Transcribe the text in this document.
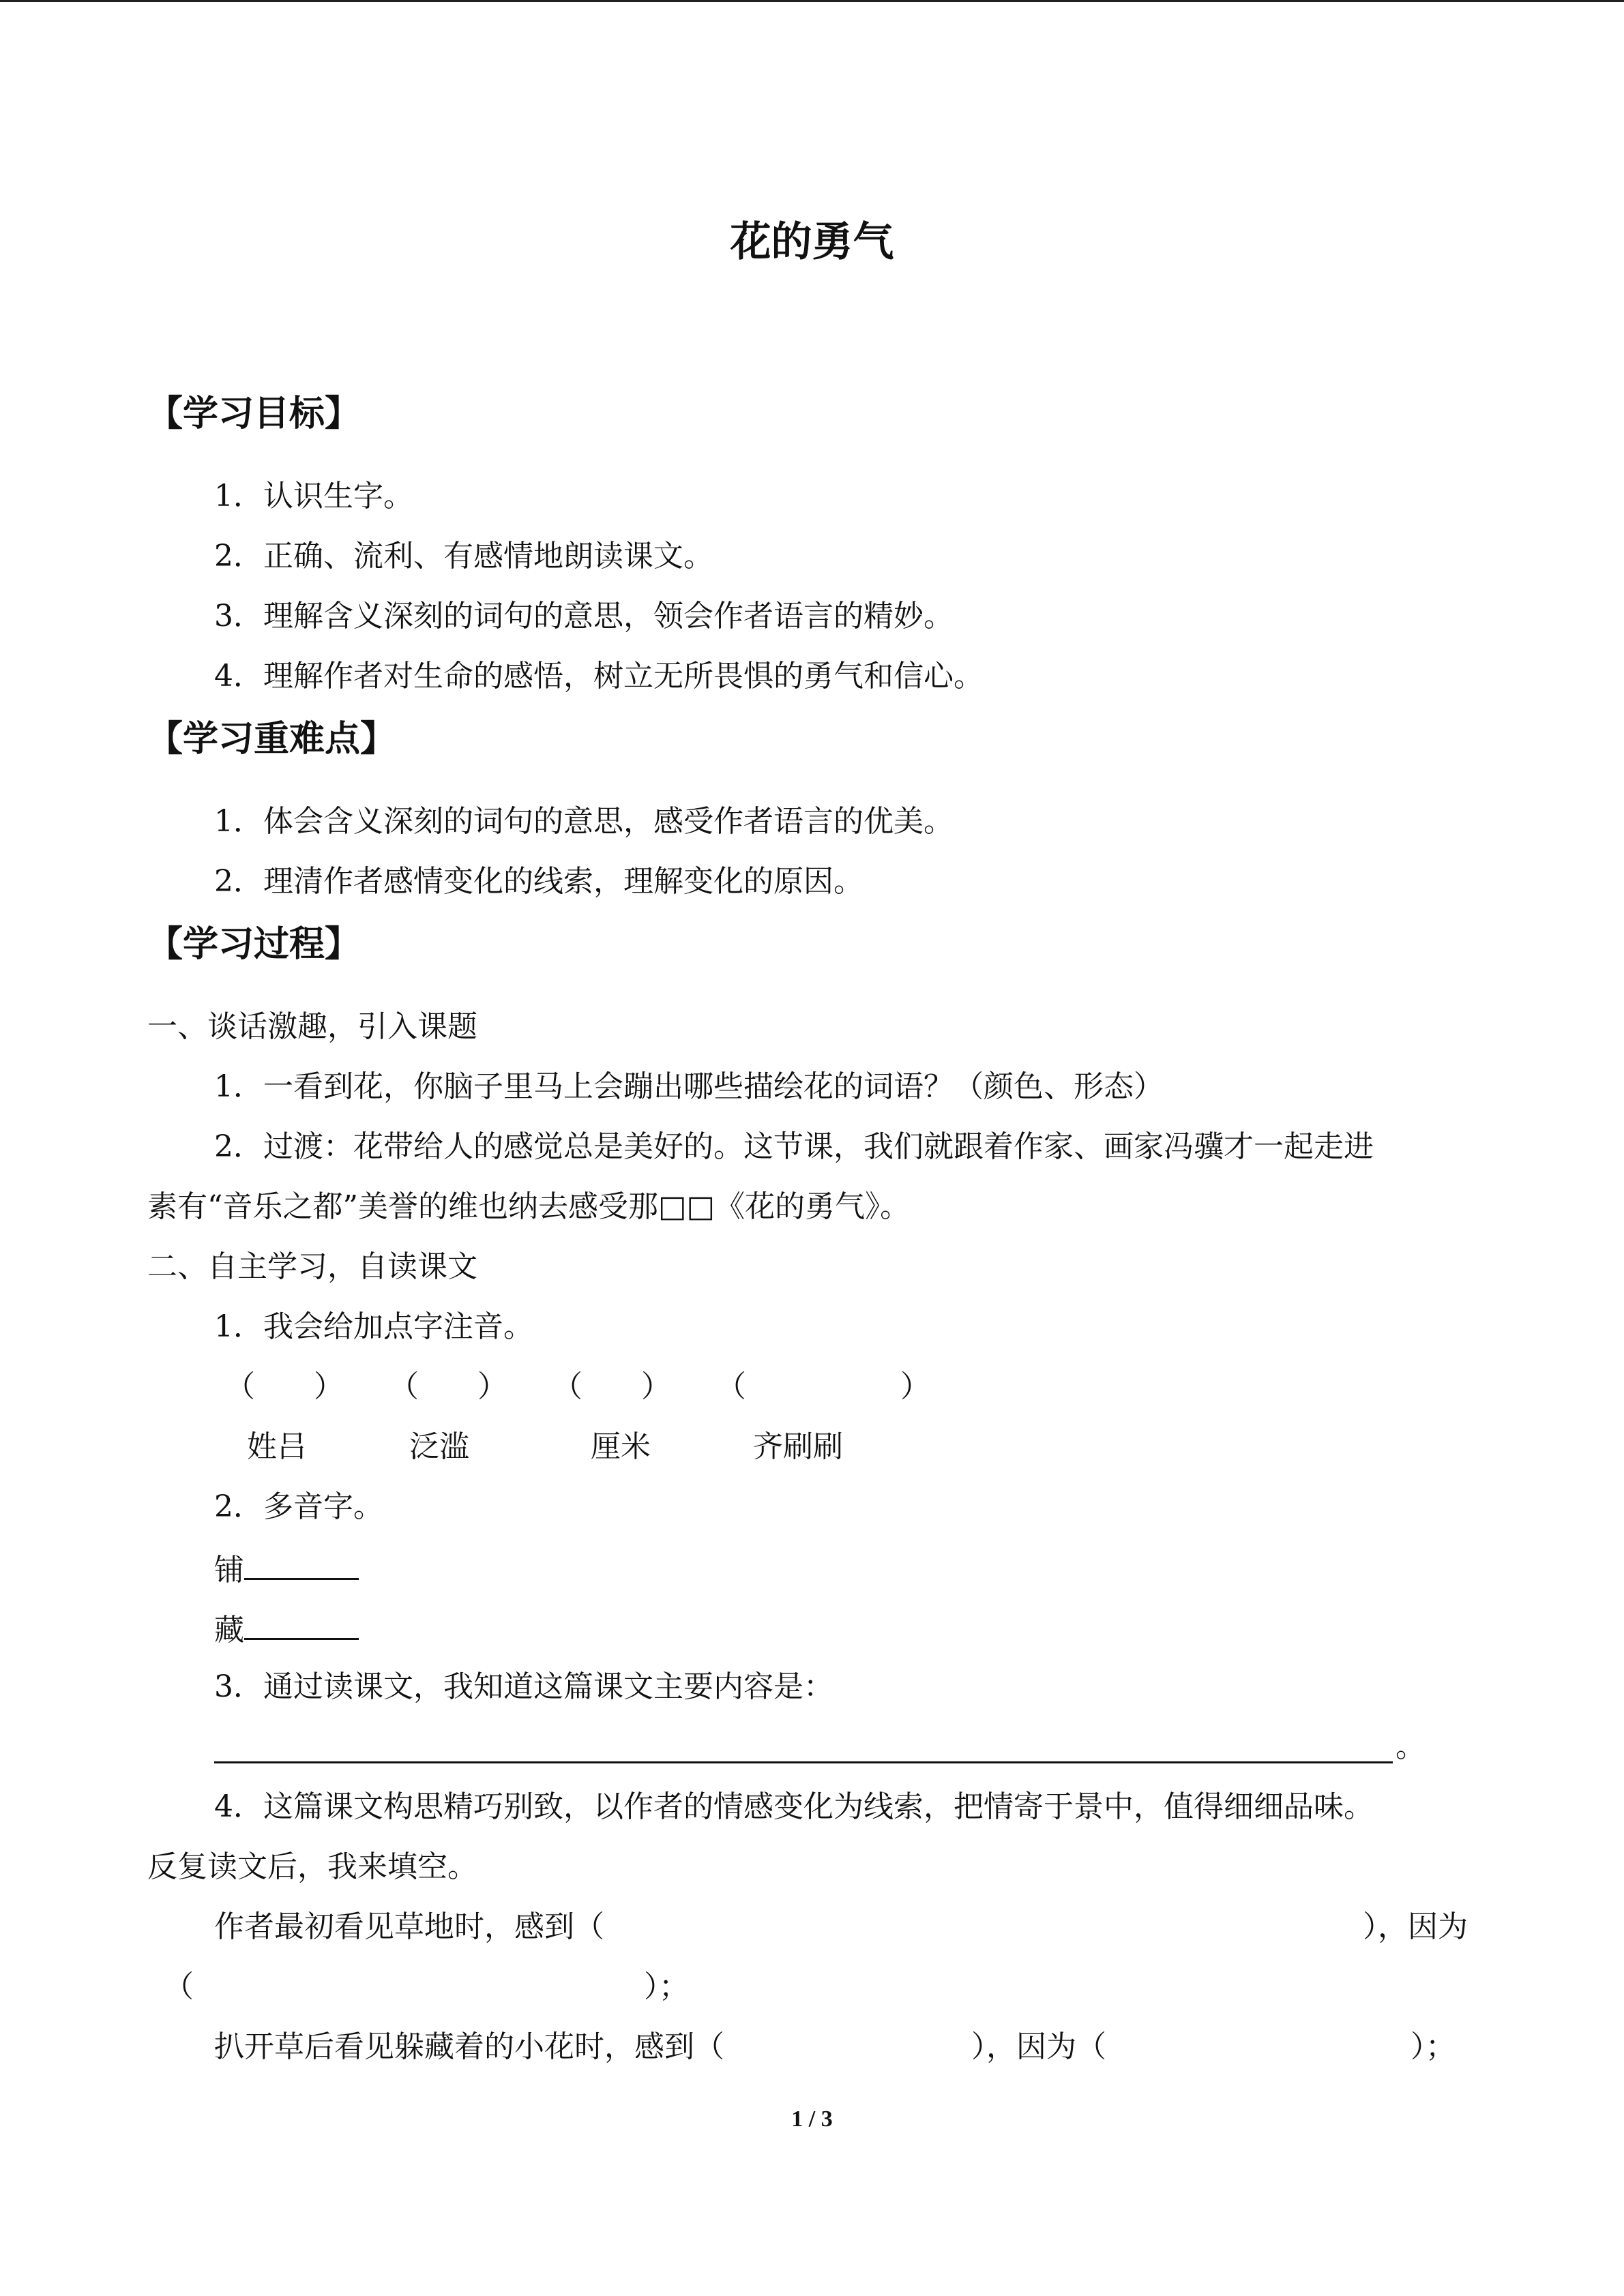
花的勇气
【学习目标】
1．认识生字。
2．正确、流利、有感情地朗读课文。
3．理解含义深刻的词句的意思，领会作者语言的精妙。
4．理解作者对生命的感悟，树立无所畏惧的勇气和信心。
【学习重难点】
1．体会含义深刻的词句的意思，感受作者语言的优美。
2．理清作者感情变化的线索，理解变化的原因。
【学习过程】
一、谈话激趣，引入课题
1．一看到花，你脑子里马上会蹦出哪些描绘花的词语？（颜色、形态）
2．过渡：花带给人的感觉总是美好的。这节课，我们就跟着作家、画家冯骥才一起走进
素有“音乐之都”美誉的维也纳去感受那□□《花的勇气》。
二、自主学习，自读课文
1．我会给加点字注音。
（ ） （ ） （ ） （	）
姓吕	泛滥	厘米	齐刷刷
2．多音字。
铺
藏
3．通过读课文，我知道这篇课文主要内容是：
。
4．这篇课文构思精巧别致，以作者的情感变化为线索，把情寄于景中，值得细细品味。
反复读文后，我来填空。
作者最初看见草地时，感到（	），因为
（	）；
扒开草后看见躲藏着的小花时，感到（	），因为（	）；
1 / 3
